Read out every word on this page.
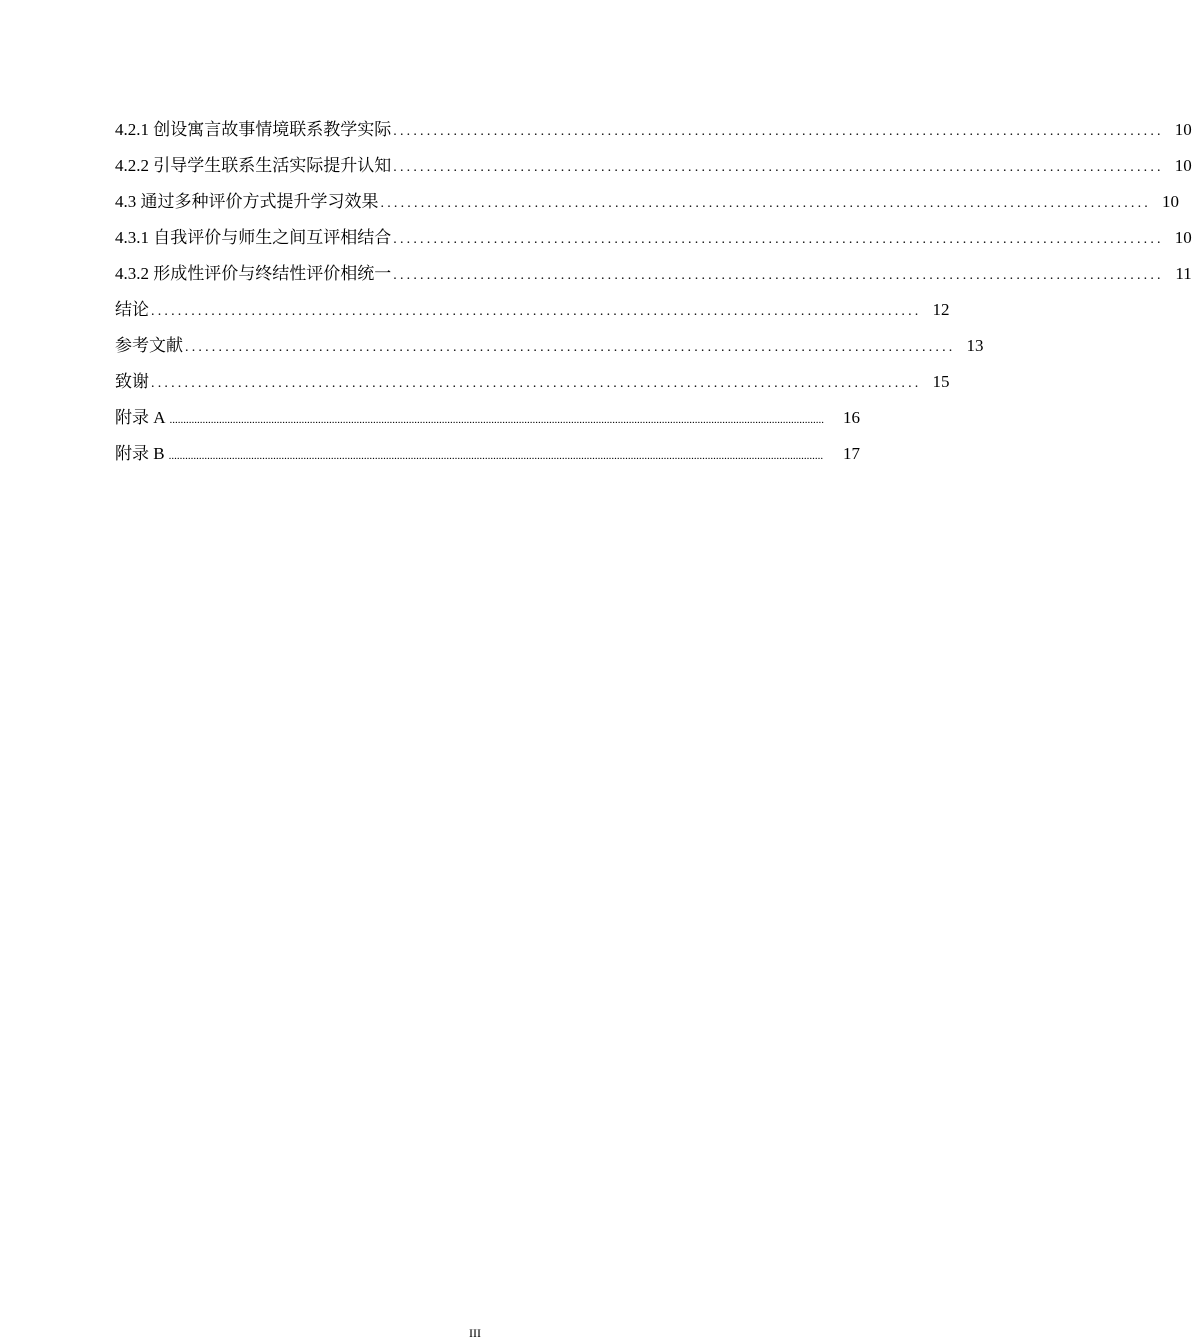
4.2.1 创设寓言故事情境联系教学实际 ................................................................................................................... 10
4.2.2 引导学生联系生活实际提升认知 ................................................................................................................... 10
4.3 通过多种评价方式提升学习效果 ................................................................................................................... 10
4.3.1 自我评价与师生之间互评相结合 ................................................................................................................... 10
4.3.2 形成性评价与终结性评价相统一 ................................................................................................................... 11
结论 ................................................................................................................... 12
参考文献 ................................................................................................................... 13
致谢 ................................................................................................................... 15
附录 A ..............................................................................................................................................................................................................................................	16
附录 B ..............................................................................................................................................................................................................................................	17
III
